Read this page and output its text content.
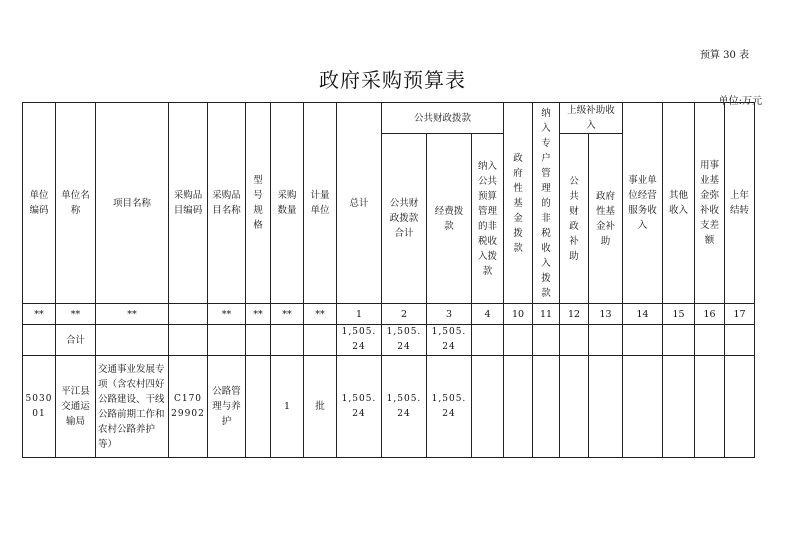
预算 30 表
政府采购预算表
单位:万元
单位编码	单位名称	项目名称	采购品目编码	采购品目名称	型号规格	采购数量	计量单位	总计	公共财政拨款			政府性基金拨款	纳入专户管理的非税收入拨款	上级补助收入		事业单位经营服务收入	其他收入	用事业基金弥补收支差额	上年结转
									公共财政拨款合计	经费拨款	纳入公共预算管理的非税收入拨款			公共财政补助	政府性基金补助				
**	**	**		**	**	**	**	1	2	3	4	10	11	12	13	14	15	16	17
	合计							1,505.24	1,505.24	1,505.24									
503001	平江县交通运输局	交通事业发展专项（含农村四好公路建设、干线公路前期工作和农村公路养护等）	C17029902	公路管理与养护		1	批	1,505.24	1,505.24	1,505.24									
